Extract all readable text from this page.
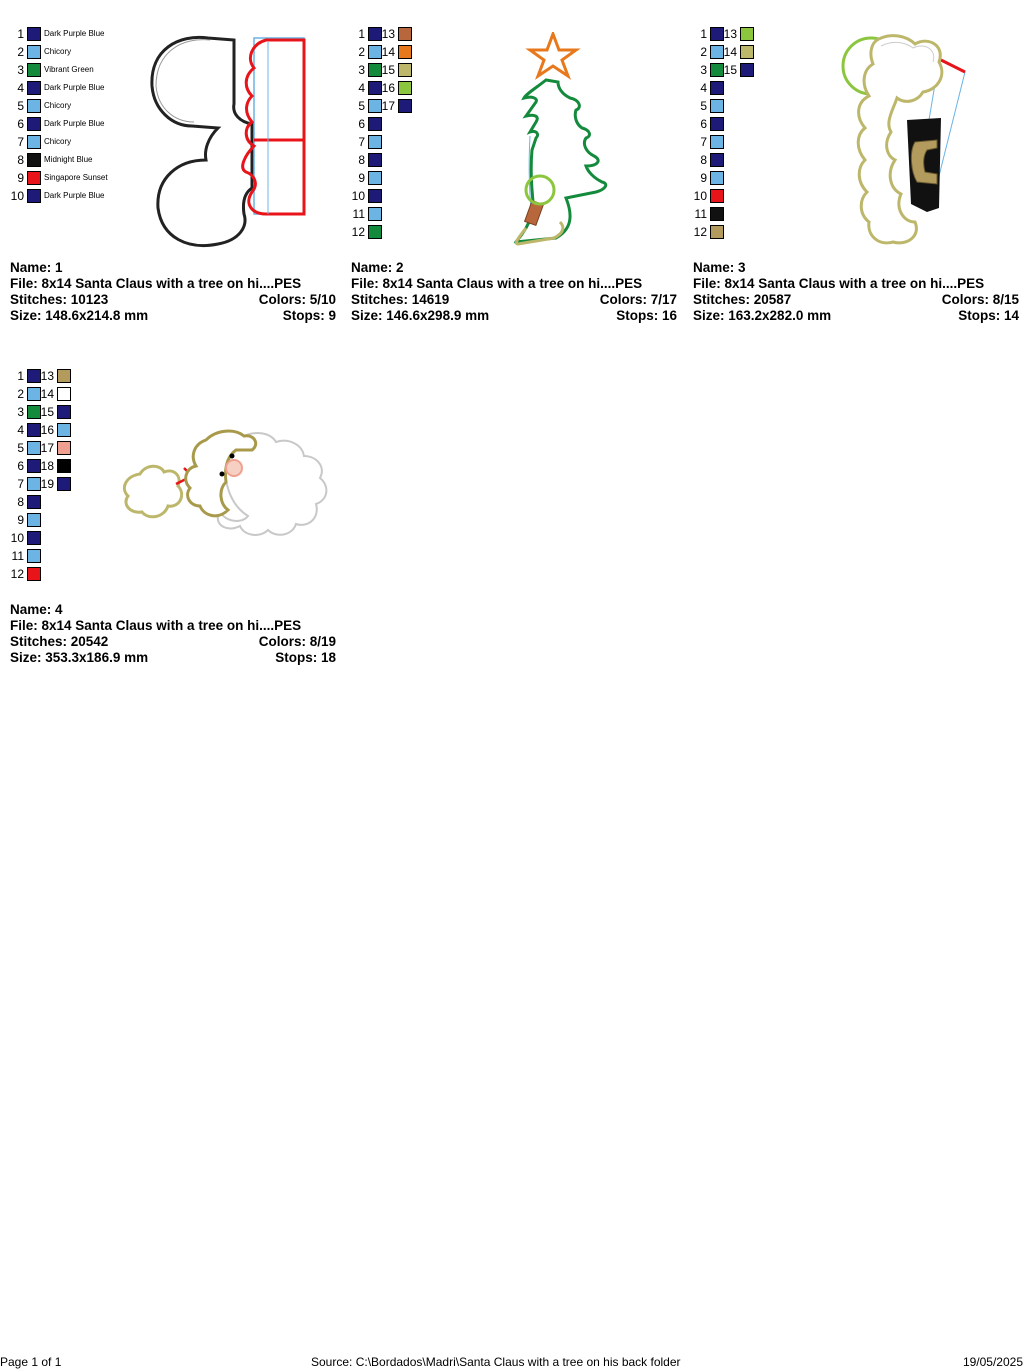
1	Dark Purple Blue
2	Chicory
3	Vibrant Green
4	Dark Purple Blue
5	Chicory
6	Dark Purple Blue
7	Chicory
8	Midnight Blue
9	Singapore Sunset
10	Dark Purple Blue
Name: 1
File: 8x14 Santa Claus with a tree on hi....PES
Stitches: 10123	Colors: 5/10
Size: 148.6x214.8 mm	Stops: 9
1
2
3
4
5
6
7
8
9
10
11
12
13
14
15
16
17
Name: 2
File: 8x14 Santa Claus with a tree on hi....PES
Stitches: 14619	Colors: 7/17
Size: 146.6x298.9 mm	Stops: 16
1
2
3
4
5
6
7
8
9
10
11
12
13
14
15
Name: 3
File: 8x14 Santa Claus with a tree on hi....PES
Stitches: 20587	Colors: 8/15
Size: 163.2x282.0 mm	Stops: 14
1
2
3
4
5
6
7
8
9
10
11
12
13
14
15
16
17
18
19
Name: 4
File: 8x14 Santa Claus with a tree on hi....PES
Stitches: 20542	Colors: 8/19
Size: 353.3x186.9 mm	Stops: 18
Page 1 of 1	Source: C:\Bordados\Madri\Santa Claus with a tree on his back folder	19/05/2025
